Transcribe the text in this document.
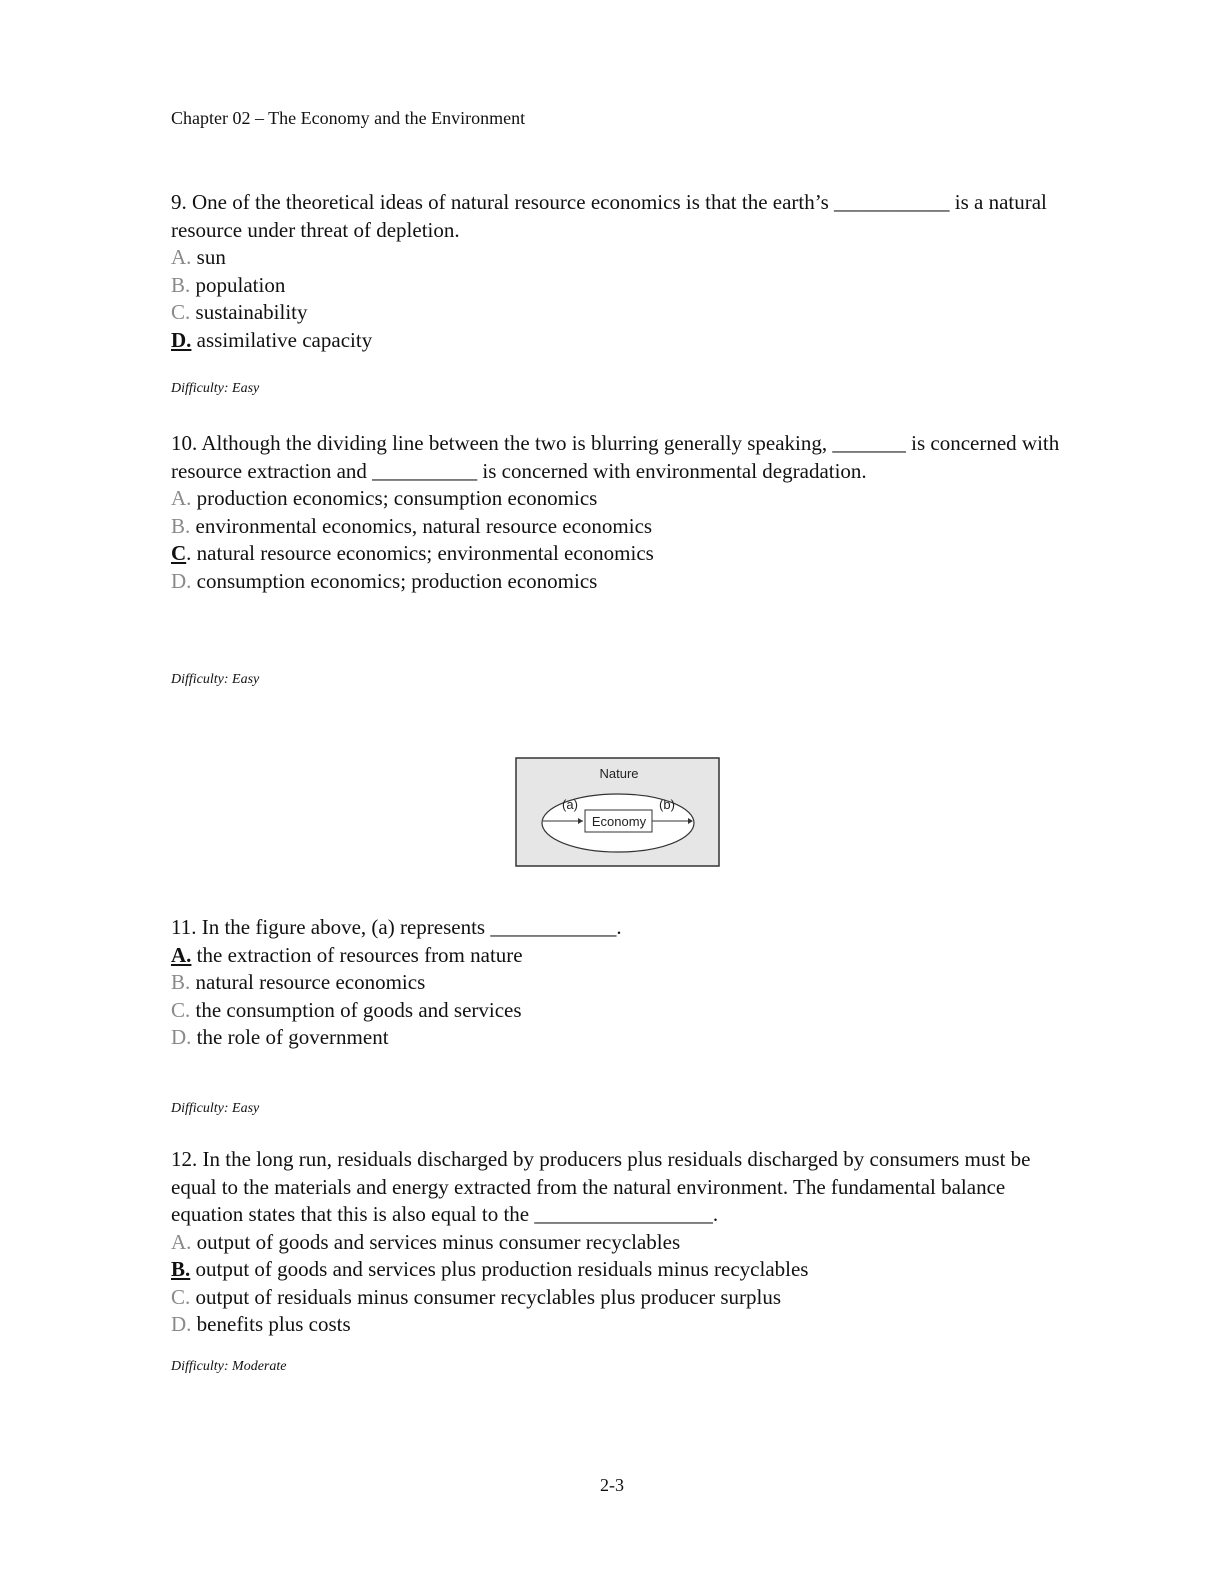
Chapter 02 – The Economy and the Environment
9. One of the theoretical ideas of natural resource economics is that the earth’s ___________ is a natural resource under threat of depletion.
A. sun
B. population
C. sustainability
D. assimilative capacity
Difficulty: Easy
10. Although the dividing line between the two is blurring generally speaking, _______ is concerned with resource extraction and __________ is concerned with environmental degradation.
A. production economics; consumption economics
B. environmental economics, natural resource economics
C. natural resource economics; environmental economics
D. consumption economics; production economics
Difficulty: Easy
Nature
Economy
(a)	(b)
11. In the figure above, (a) represents ____________.
A. the extraction of resources from nature
B. natural resource economics
C. the consumption of goods and services
D. the role of government
Difficulty: Easy
12. In the long run, residuals discharged by producers plus residuals discharged by consumers must be equal to the materials and energy extracted from the natural environment. The fundamental balance equation states that this is also equal to the _________________.
A. output of goods and services minus consumer recyclables
B. output of goods and services plus production residuals minus recyclables
C. output of residuals minus consumer recyclables plus producer surplus
D. benefits plus costs
Difficulty: Moderate
2-3
